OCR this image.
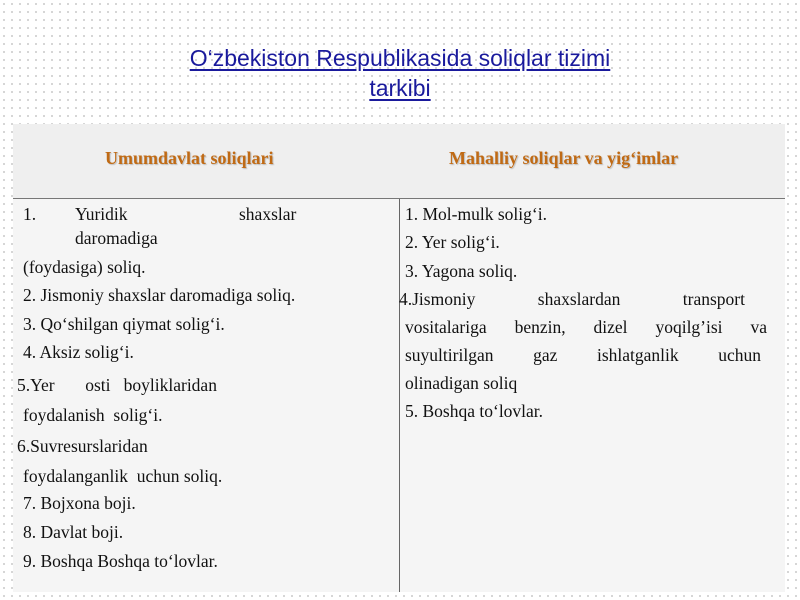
O‘zbekiston Respublikasida soliqlar tizimi
tarkibi
Umumdavlat soliqlari	Mahalliy soliqlar va yig‘imlar
1. Yuridik	shaxslar
daromadiga
(foydasiga) soliq.
2. Jismoniy shaxslar daromadiga soliq.
3. Qo‘shilgan qiymat solig‘i.
4. Aksiz solig‘i.
5.Yer       osti   boyliklaridan
foydalanish  solig‘i.
6.Suvresurslaridan
foydalanganlik  uchun soliq.
7. Bojxona boji.
8. Davlat boji.
9. Boshqa Boshqa to‘lovlar.
1. Mol-mulk solig‘i.
2. Yer solig‘i.
3. Yagona soliq.
4.Jismoniy shaxslardan transport
vositalariga benzin, dizel yoqilg’isi va
suyultirilgan gaz ishlatganlik uchun
olinadigan soliq
5. Boshqa to‘lovlar.
